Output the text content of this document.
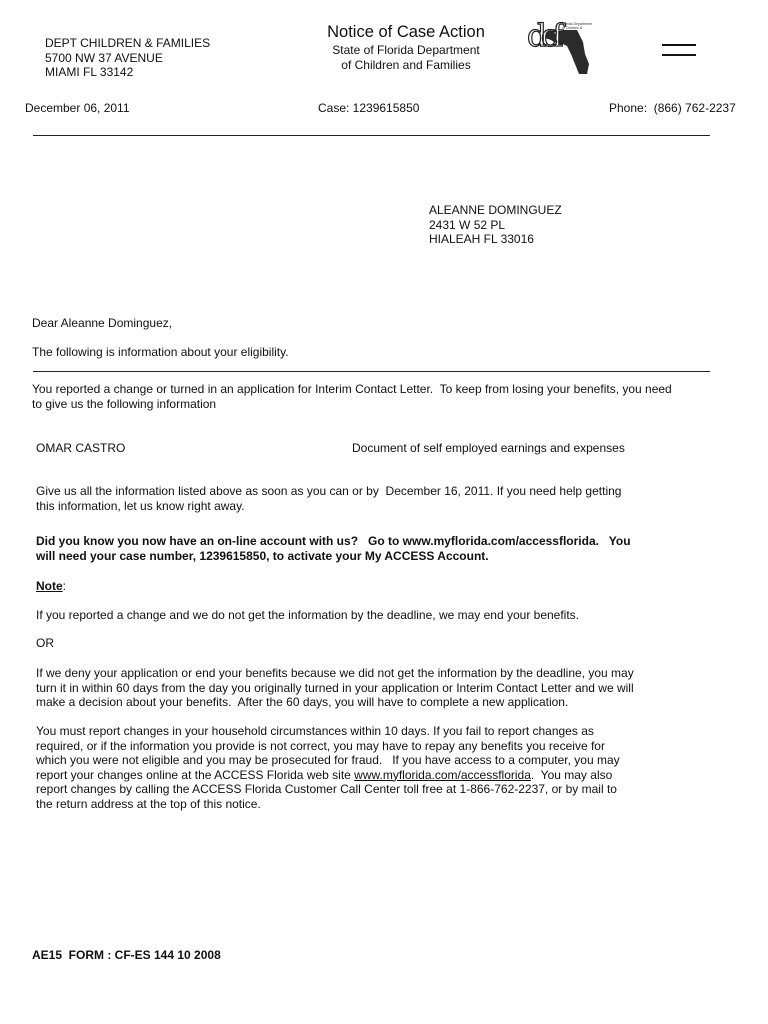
DEPT CHILDREN & FAMILIES
5700 NW 37 AVENUE
MIAMI FL 33142
Notice of Case Action
State of Florida Department
of Children and Families
dcf Florida Department of Children & Families
December 06, 2011	Case: 1239615850	Phone:  (866) 762-2237
ALEANNE DOMINGUEZ
2431 W 52 PL
HIALEAH FL 33016
Dear Aleanne Dominguez,
The following is information about your eligibility.
You reported a change or turned in an application for Interim Contact Letter.  To keep from losing your benefits, you need
to give us the following information
OMAR CASTRO	Document of self employed earnings and expenses
Give us all the information listed above as soon as you can or by  December 16, 2011. If you need help getting
this information, let us know right away.
Did you know you now have an on-line account with us?   Go to www.myflorida.com/accessflorida.   You
will need your case number, 1239615850, to activate your My ACCESS Account.
Note:
If you reported a change and we do not get the information by the deadline, we may end your benefits.
OR
If we deny your application or end your benefits because we did not get the information by the deadline, you may
turn it in within 60 days from the day you originally turned in your application or Interim Contact Letter and we will
make a decision about your benefits.  After the 60 days, you will have to complete a new application.
You must report changes in your household circumstances within 10 days. If you fail to report changes as
required, or if the information you provide is not correct, you may have to repay any benefits you receive for
which you were not eligible and you may be prosecuted for fraud.   If you have access to a computer, you may
report your changes online at the ACCESS Florida web site www.myflorida.com/accessflorida.  You may also
report changes by calling the ACCESS Florida Customer Call Center toll free at 1-866-762-2237, or by mail to
the return address at the top of this notice.
AE15  FORM : CF-ES 144 10 2008
